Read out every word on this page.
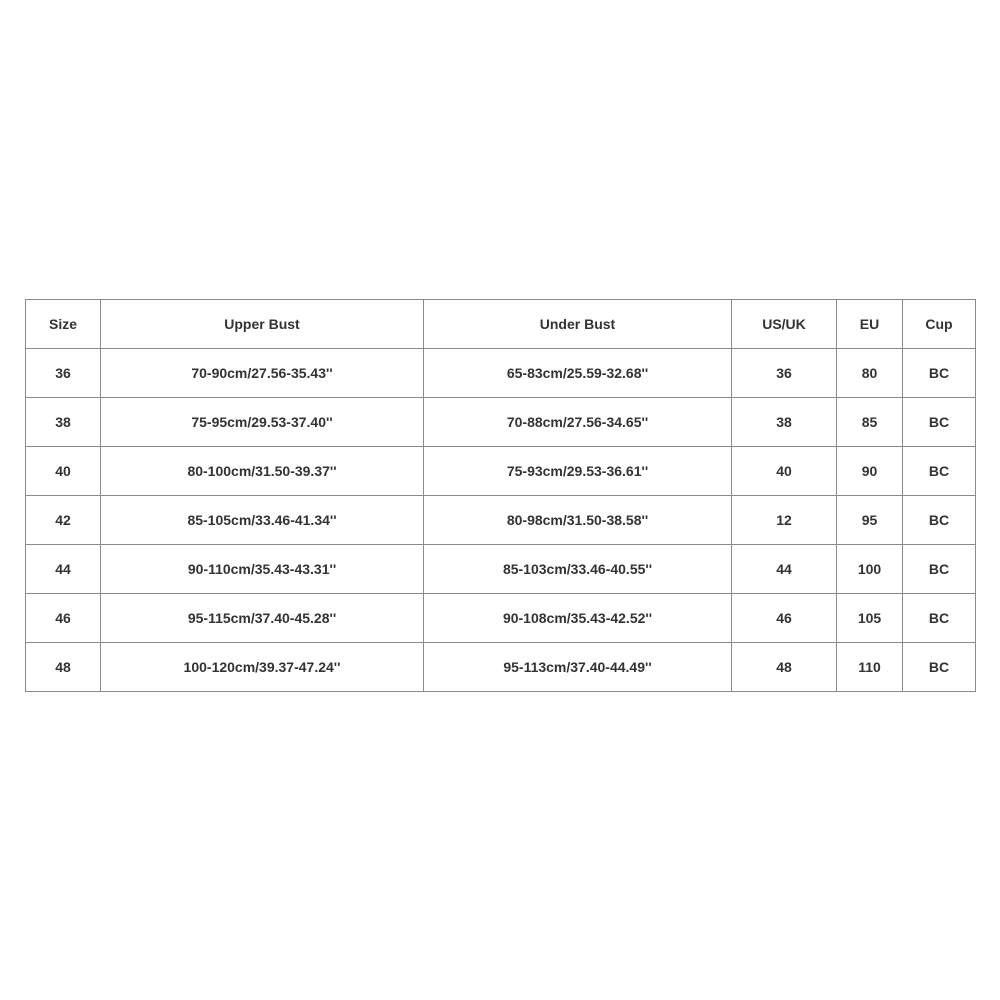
Size	Upper Bust	Under Bust	US/UK	EU	Cup
36	70-90cm/27.56-35.43''	65-83cm/25.59-32.68''	36	80	BC
38	75-95cm/29.53-37.40''	70-88cm/27.56-34.65''	38	85	BC
40	80-100cm/31.50-39.37''	75-93cm/29.53-36.61''	40	90	BC
42	85-105cm/33.46-41.34''	80-98cm/31.50-38.58''	12	95	BC
44	90-110cm/35.43-43.31''	85-103cm/33.46-40.55''	44	100	BC
46	95-115cm/37.40-45.28''	90-108cm/35.43-42.52''	46	105	BC
48	100-120cm/39.37-47.24''	95-113cm/37.40-44.49''	48	110	BC
